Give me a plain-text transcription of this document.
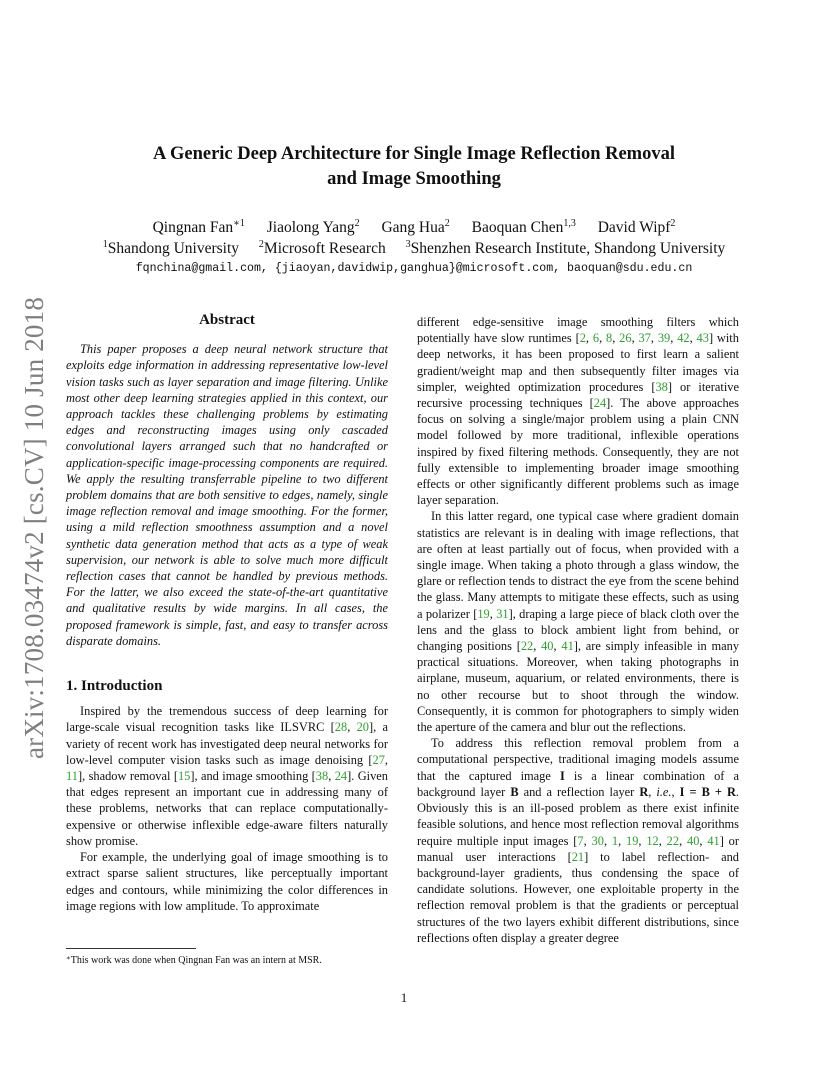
arXiv:1708.03474v2 [cs.CV] 10 Jun 2018
A Generic Deep Architecture for Single Image Reflection Removal
and Image Smoothing
Qingnan Fan$^{∗1}$ Jiaolong Yang$^2$ Gang Hua$^2$ Baoquan Chen$^{1,3}$ David Wipf$^2$
$^1$Shandong University $^2$Microsoft Research $^3$Shenzhen Research Institute, Shandong University
fqnchina@gmail.com, {jiaoyan,davidwip,ganghua}@microsoft.com, baoquan@sdu.edu.cn
Abstract
This paper proposes a deep neural network structure that exploits edge information in addressing representative low-level vision tasks such as layer separation and image filtering. Unlike most other deep learning strategies applied in this context, our approach tackles these challenging problems by estimating edges and reconstructing images using only cascaded convolutional layers arranged such that no handcrafted or application-specific image-processing components are required. We apply the resulting transferrable pipeline to two different problem domains that are both sensitive to edges, namely, single image reflection removal and image smoothing. For the former, using a mild reflection smoothness assumption and a novel synthetic data generation method that acts as a type of weak supervision, our network is able to solve much more difficult reflection cases that cannot be handled by previous methods. For the latter, we also exceed the state-of-the-art quantitative and qualitative results by wide margins. In all cases, the proposed framework is simple, fast, and easy to transfer across disparate domains.
1. Introduction

Inspired by the tremendous success of deep learning for large-scale visual recognition tasks like ILSVRC [28, 20], a variety of recent work has investigated deep neural networks for low-level computer vision tasks such as image denoising [27, 11], shadow removal [15], and image smoothing [38, 24]. Given that edges represent an important cue in addressing many of these problems, networks that can replace computationally-expensive or otherwise inflexible edge-aware filters naturally show promise.

For example, the underlying goal of image smoothing is to extract sparse salient structures, like perceptually important edges and contours, while minimizing the color differences in image regions with low amplitude. To approximate

∗This work was done when Qingnan Fan was an intern at MSR.

different edge-sensitive image smoothing filters which potentially have slow runtimes [2, 6, 8, 26, 37, 39, 42, 43] with deep networks, it has been proposed to first learn a salient gradient/weight map and then subsequently filter images via simpler, weighted optimization procedures [38] or iterative recursive processing techniques [24]. The above approaches focus on solving a single/major problem using a plain CNN model followed by more traditional, inflexible operations inspired by fixed filtering methods. Consequently, they are not fully extensible to implementing broader image smoothing effects or other significantly different problems such as image layer separation.

In this latter regard, one typical case where gradient domain statistics are relevant is in dealing with image reflections, that are often at least partially out of focus, when provided with a single image. When taking a photo through a glass window, the glare or reflection tends to distract the eye from the scene behind the glass. Many attempts to mitigate these effects, such as using a polarizer [19, 31], draping a large piece of black cloth over the lens and the glass to block ambient light from behind, or changing positions [22, 40, 41], are simply infeasible in many practical situations. Moreover, when taking photographs in airplane, museum, aquarium, or related environments, there is no other recourse but to shoot through the window. Consequently, it is common for photographers to simply widen the aperture of the camera and blur out the reflections.

To address this reflection removal problem from a computational perspective, traditional imaging models assume that the captured image I is a linear combination of a background layer B and a reflection layer R, i.e., I = B + R. Obviously this is an ill-posed problem as there exist infinite feasible solutions, and hence most reflection removal algorithms require multiple input images [7, 30, 1, 19, 12, 22, 40, 41] or manual user interactions [21] to label reflection- and background-layer gradients, thus condensing the space of candidate solutions. However, one exploitable property in the reflection removal problem is that the gradients or perceptual structures of the two layers exhibit different distributions, since reflections often display a greater degree

1
